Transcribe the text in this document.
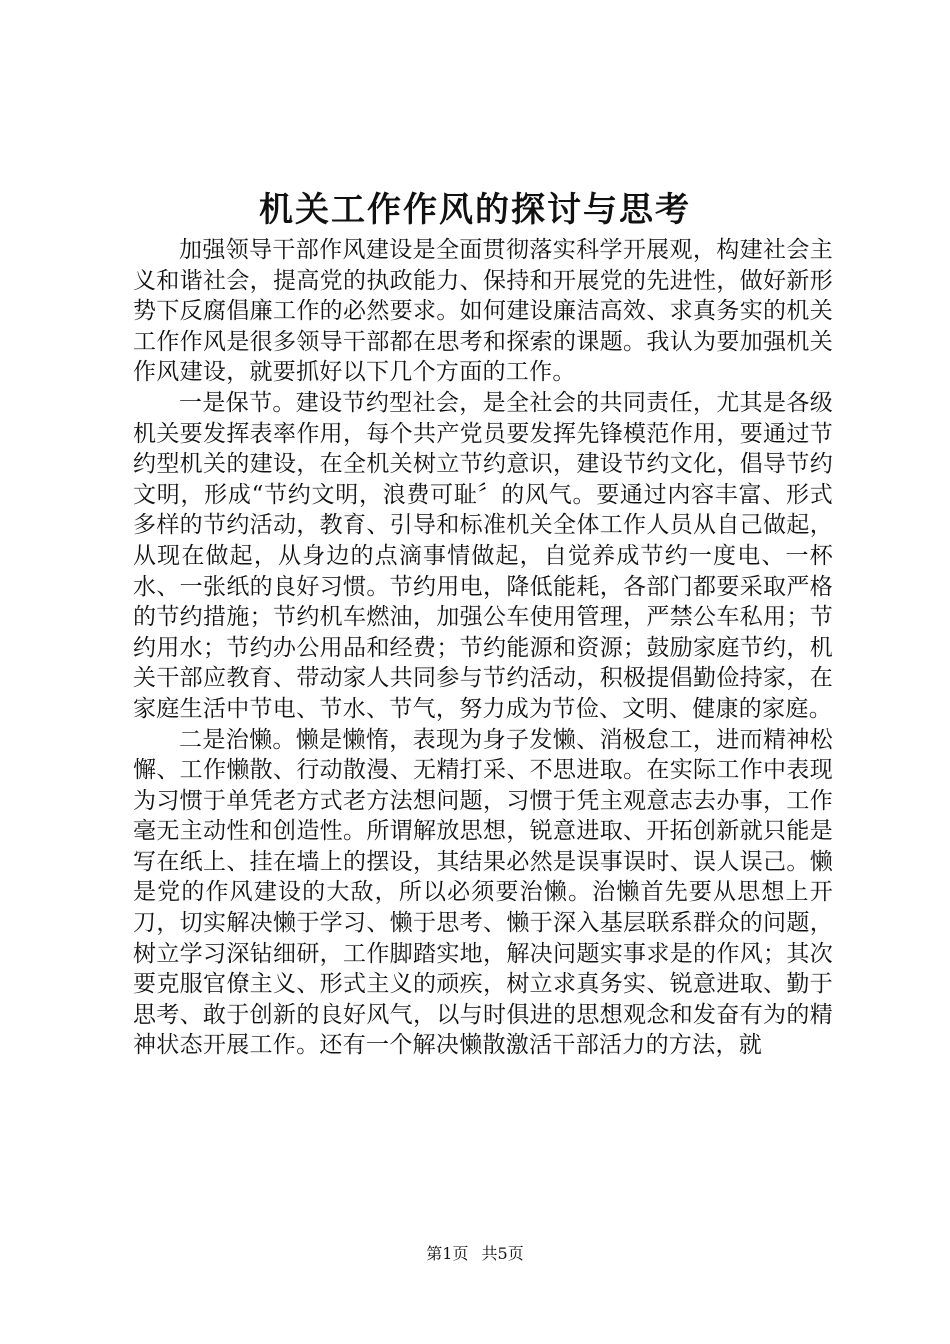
机关工作作风的探讨与思考

加强领导干部作风建设是全面贯彻落实科学开展观，构建社会主义和谐社会，提高党的执政能力、保持和开展党的先进性，做好新形势下反腐倡廉工作的必然要求。如何建设廉洁高效、求真务实的机关工作作风是很多领导干部都在思考和探索的课题。我认为要加强机关作风建设，就要抓好以下几个方面的工作。

一是保节。建设节约型社会，是全社会的共同责任，尤其是各级机关要发挥表率作用，每个共产党员要发挥先锋模范作用，要通过节约型机关的建设，在全机关树立节约意识，建设节约文化，倡导节约文明，形成“节约文明，浪费可耻〞的风气。要通过内容丰富、形式多样的节约活动，教育、引导和标准机关全体工作人员从自己做起，从现在做起，从身边的点滴事情做起，自觉养成节约一度电、一杯水、一张纸的良好习惯。节约用电，降低能耗，各部门都要采取严格的节约措施；节约机车燃油，加强公车使用管理，严禁公车私用；节约用水；节约办公用品和经费；节约能源和资源；鼓励家庭节约，机关干部应教育、带动家人共同参与节约活动，积极提倡勤俭持家，在家庭生活中节电、节水、节气，努力成为节俭、文明、健康的家庭。

二是治懒。懒是懒惰，表现为身子发懒、消极怠工，进而精神松懈、工作懒散、行动散漫、无精打采、不思进取。在实际工作中表现为习惯于单凭老方式老方法想问题，习惯于凭主观意志去办事，工作毫无主动性和创造性。所谓解放思想，锐意进取、开拓创新就只能是写在纸上、挂在墙上的摆设，其结果必然是误事误时、误人误己。懒是党的作风建设的大敌，所以必须要治懒。治懒首先要从思想上开刀，切实解决懒于学习、懒于思考、懒于深入基层联系群众的问题，树立学习深钻细研，工作脚踏实地，解决问题实事求是的作风；其次要克服官僚主义、形式主义的顽疾，树立求真务实、锐意进取、勤于思考、敢于创新的良好风气，以与时俱进的思想观念和发奋有为的精神状态开展工作。还有一个解决懒散激活干部活力的方法，就

第1页 共5页
